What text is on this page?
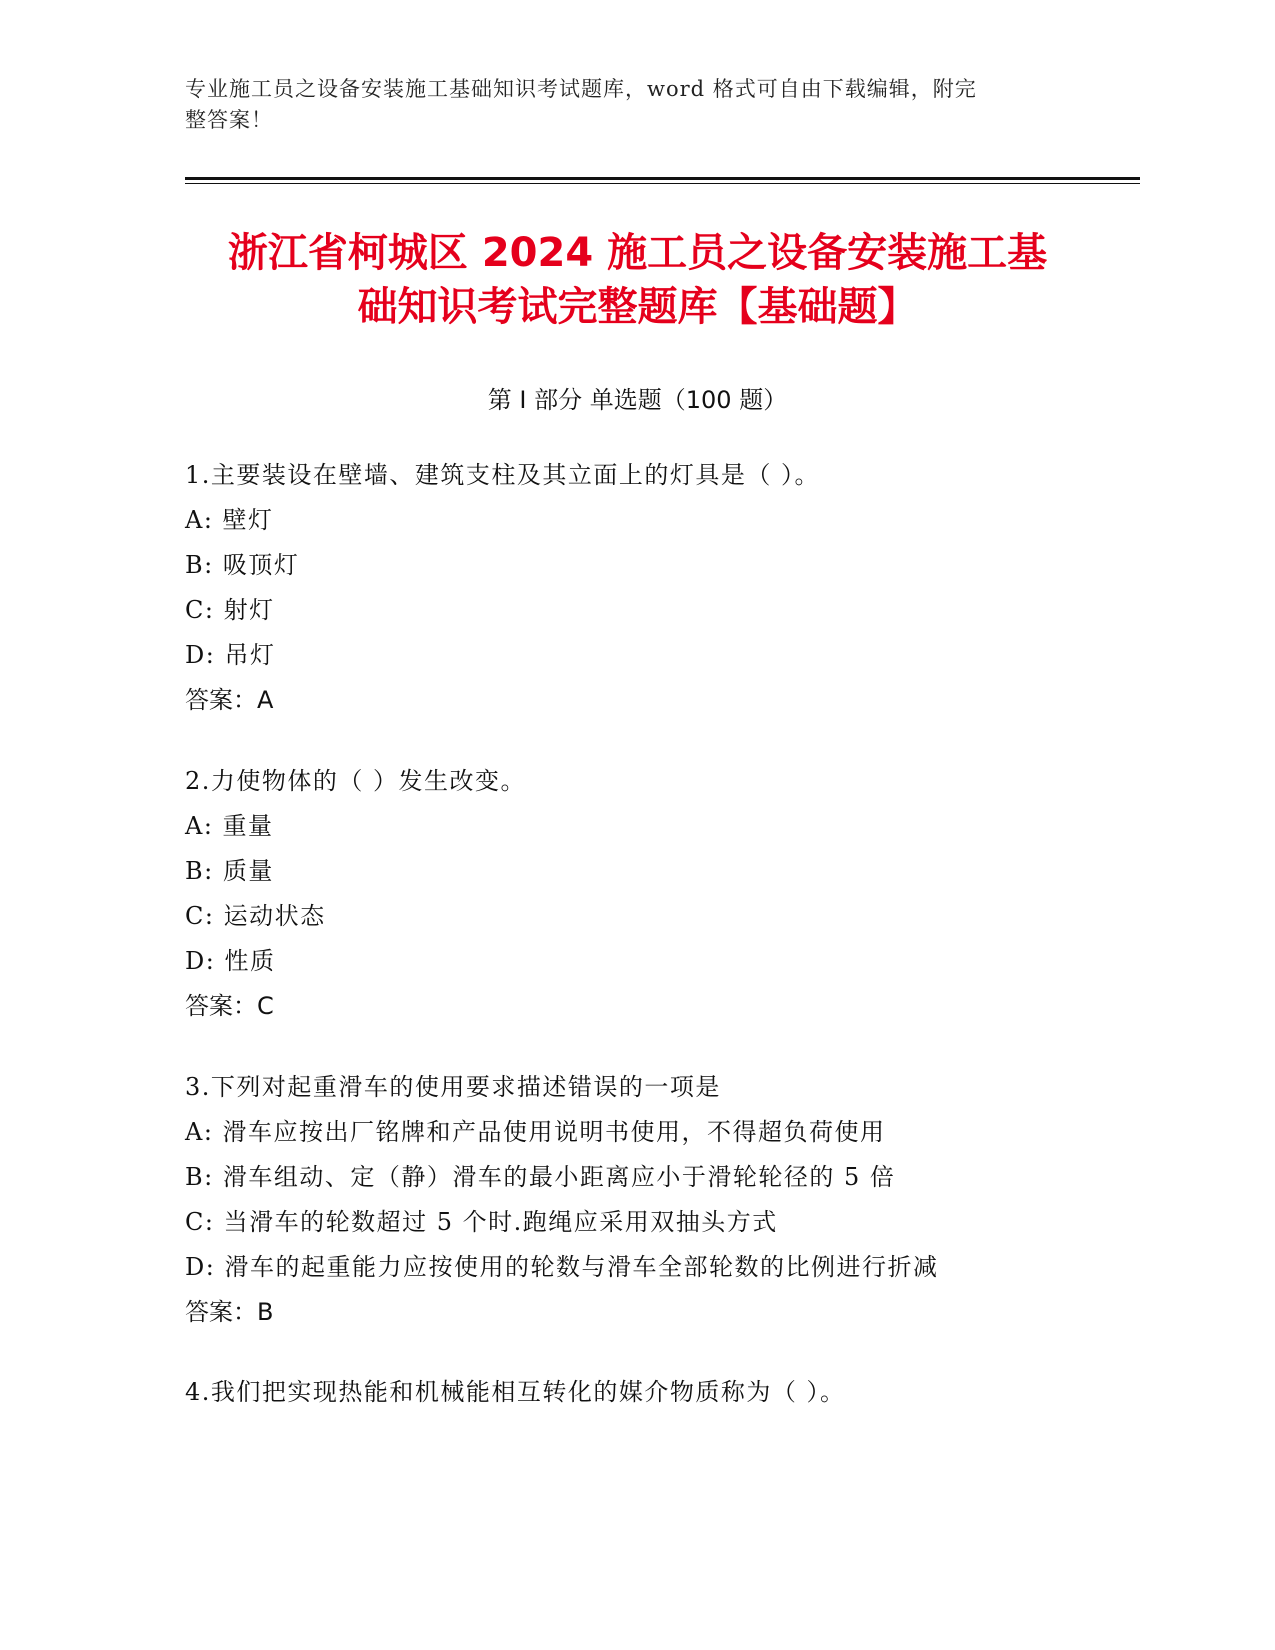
专业施工员之设备安装施工基础知识考试题库，word 格式可自由下载编辑，附完
整答案！
浙江省柯城区 2024 施工员之设备安装施工基
础知识考试完整题库【基础题】
第 I 部分 单选题（100 题）
1.主要装设在壁墙、建筑支柱及其立面上的灯具是（ ）。
A: 壁灯
B: 吸顶灯
C: 射灯
D: 吊灯
答案：A
2.力使物体的（ ）发生改变。
A: 重量
B: 质量
C: 运动状态
D: 性质
答案：C
3.下列对起重滑车的使用要求描述错误的一项是
A: 滑车应按出厂铭牌和产品使用说明书使用，不得超负荷使用
B: 滑车组动、定（静）滑车的最小距离应小于滑轮轮径的 5 倍
C: 当滑车的轮数超过 5 个时.跑绳应采用双抽头方式
D: 滑车的起重能力应按使用的轮数与滑车全部轮数的比例进行折减
答案：B
4.我们把实现热能和机械能相互转化的媒介物质称为（ ）。
